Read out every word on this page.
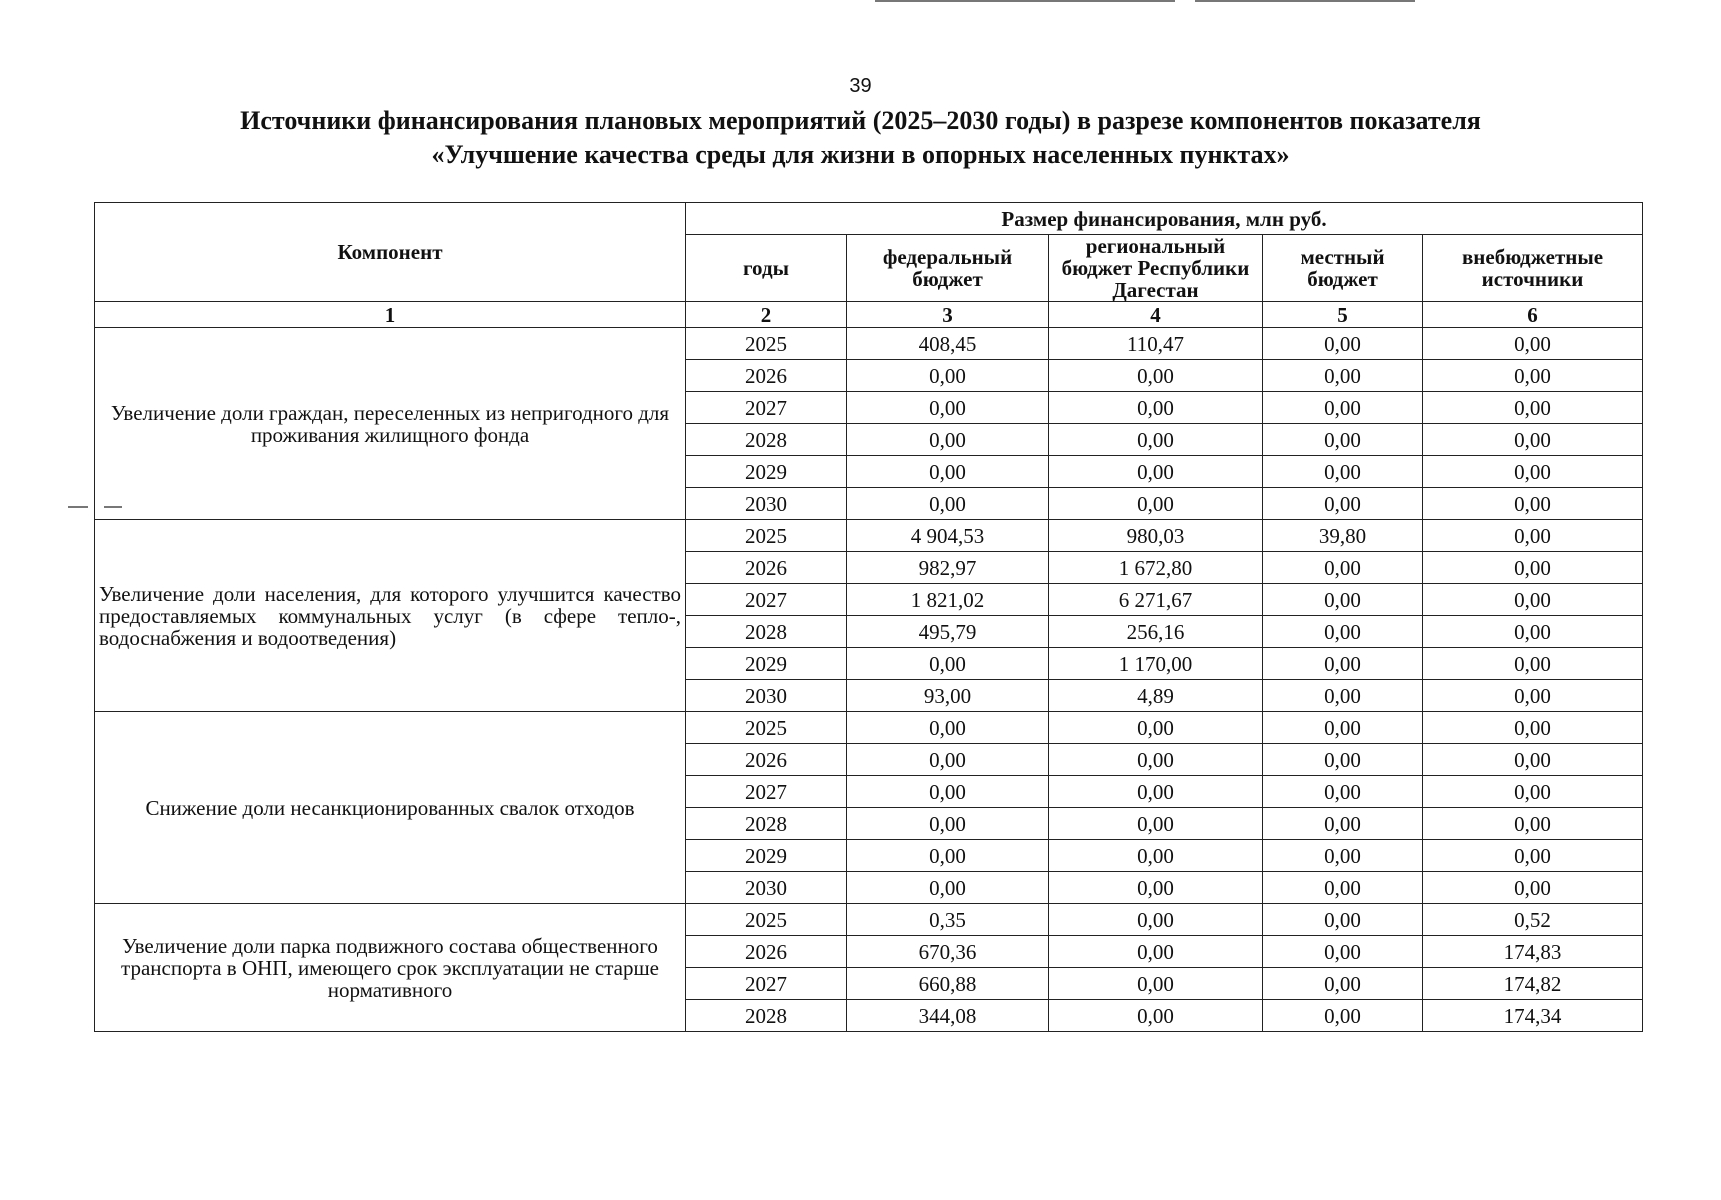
39
Источники финансирования плановых мероприятий (2025–2030 годы) в разрезе компонентов показателя
«Улучшение качества среды для жизни в опорных населенных пунктах»
Компонент	Размер финансирования, млн руб.				
	годы	федеральный бюджет	региональный бюджет Республики Дагестан	местный бюджет	внебюджетные источники
1	2	3	4	5	6
Увеличение доли граждан, переселенных из непригодного для проживания жилищного фонда	2025	408,45	110,47	0,00	0,00
	2026	0,00	0,00	0,00	0,00
	2027	0,00	0,00	0,00	0,00
	2028	0,00	0,00	0,00	0,00
	2029	0,00	0,00	0,00	0,00
	2030	0,00	0,00	0,00	0,00
Увеличение доли населения, для которого улучшится качество предоставляемых коммунальных услуг (в сфере тепло-, водоснабжения и водоотведения)	2025	4 904,53	980,03	39,80	0,00
	2026	982,97	1 672,80	0,00	0,00
	2027	1 821,02	6 271,67	0,00	0,00
	2028	495,79	256,16	0,00	0,00
	2029	0,00	1 170,00	0,00	0,00
	2030	93,00	4,89	0,00	0,00
Снижение доли несанкционированных свалок отходов	2025	0,00	0,00	0,00	0,00
	2026	0,00	0,00	0,00	0,00
	2027	0,00	0,00	0,00	0,00
	2028	0,00	0,00	0,00	0,00
	2029	0,00	0,00	0,00	0,00
	2030	0,00	0,00	0,00	0,00
Увеличение доли парка подвижного состава общественного транспорта в ОНП, имеющего срок эксплуатации не старше нормативного	2025	0,35	0,00	0,00	0,52
	2026	670,36	0,00	0,00	174,83
	2027	660,88	0,00	0,00	174,82
	2028	344,08	0,00	0,00	174,34
